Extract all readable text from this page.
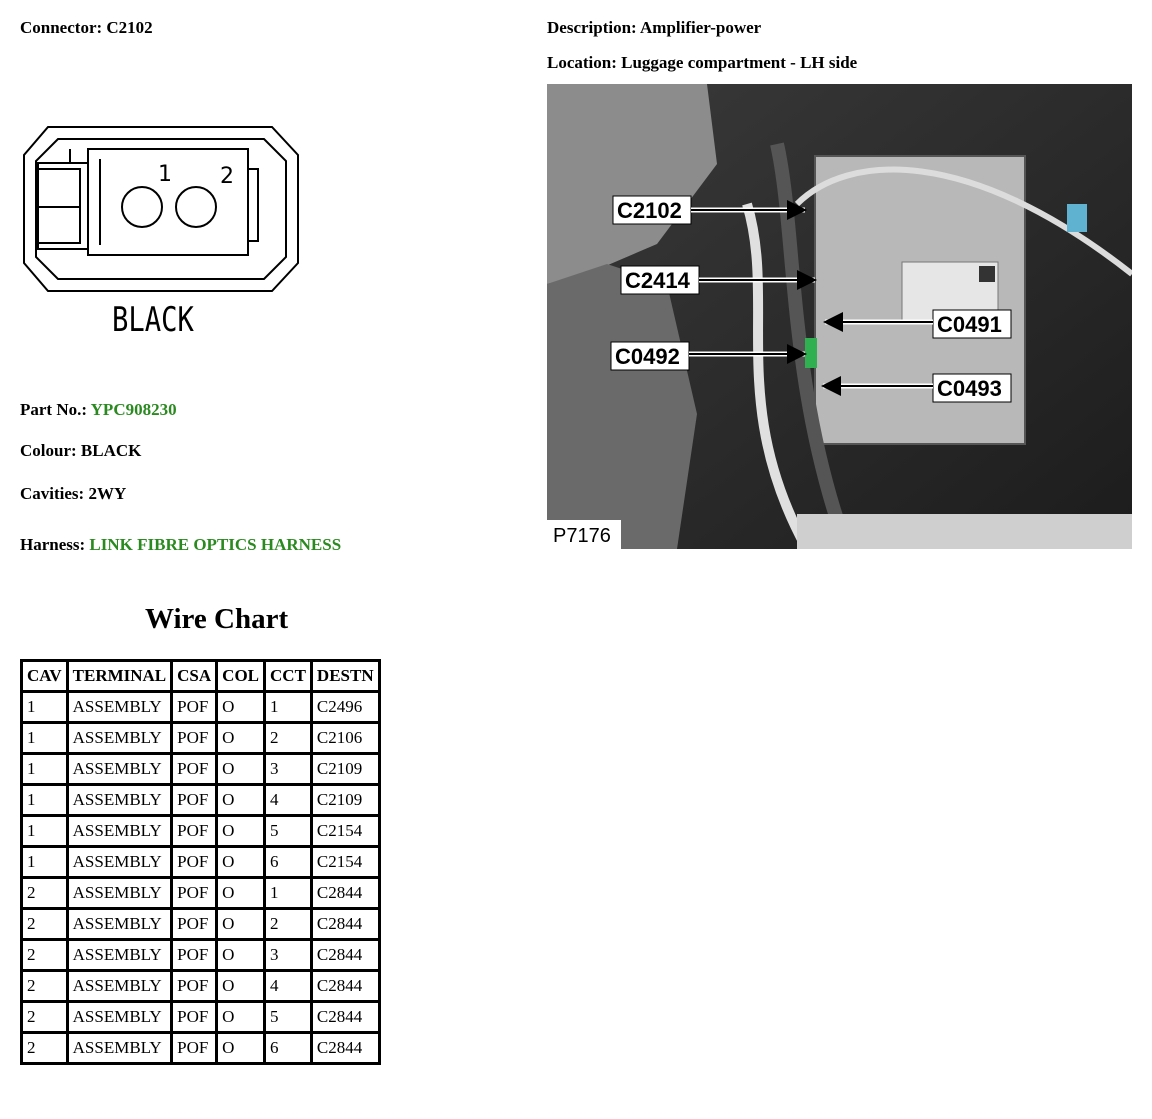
Connector: C2102	Description: Amplifier-power
Location: Luggage compartment - LH side
1 2
BLACK
Part No.: YPC908230
Colour: BLACK
Cavities: 2WY
Harness: LINK FIBRE OPTICS HARNESS
Wire Chart
CAV	TERMINAL	CSA	COL	CCT	DESTN
1	ASSEMBLY	POF	O	1	C2496
1	ASSEMBLY	POF	O	2	C2106
1	ASSEMBLY	POF	O	3	C2109
1	ASSEMBLY	POF	O	4	C2109
1	ASSEMBLY	POF	O	5	C2154
1	ASSEMBLY	POF	O	6	C2154
2	ASSEMBLY	POF	O	1	C2844
2	ASSEMBLY	POF	O	2	C2844
2	ASSEMBLY	POF	O	3	C2844
2	ASSEMBLY	POF	O	4	C2844
2	ASSEMBLY	POF	O	5	C2844
2	ASSEMBLY	POF	O	6	C2844
C2102
C2414
C0491
C0492
C0493
P7176
